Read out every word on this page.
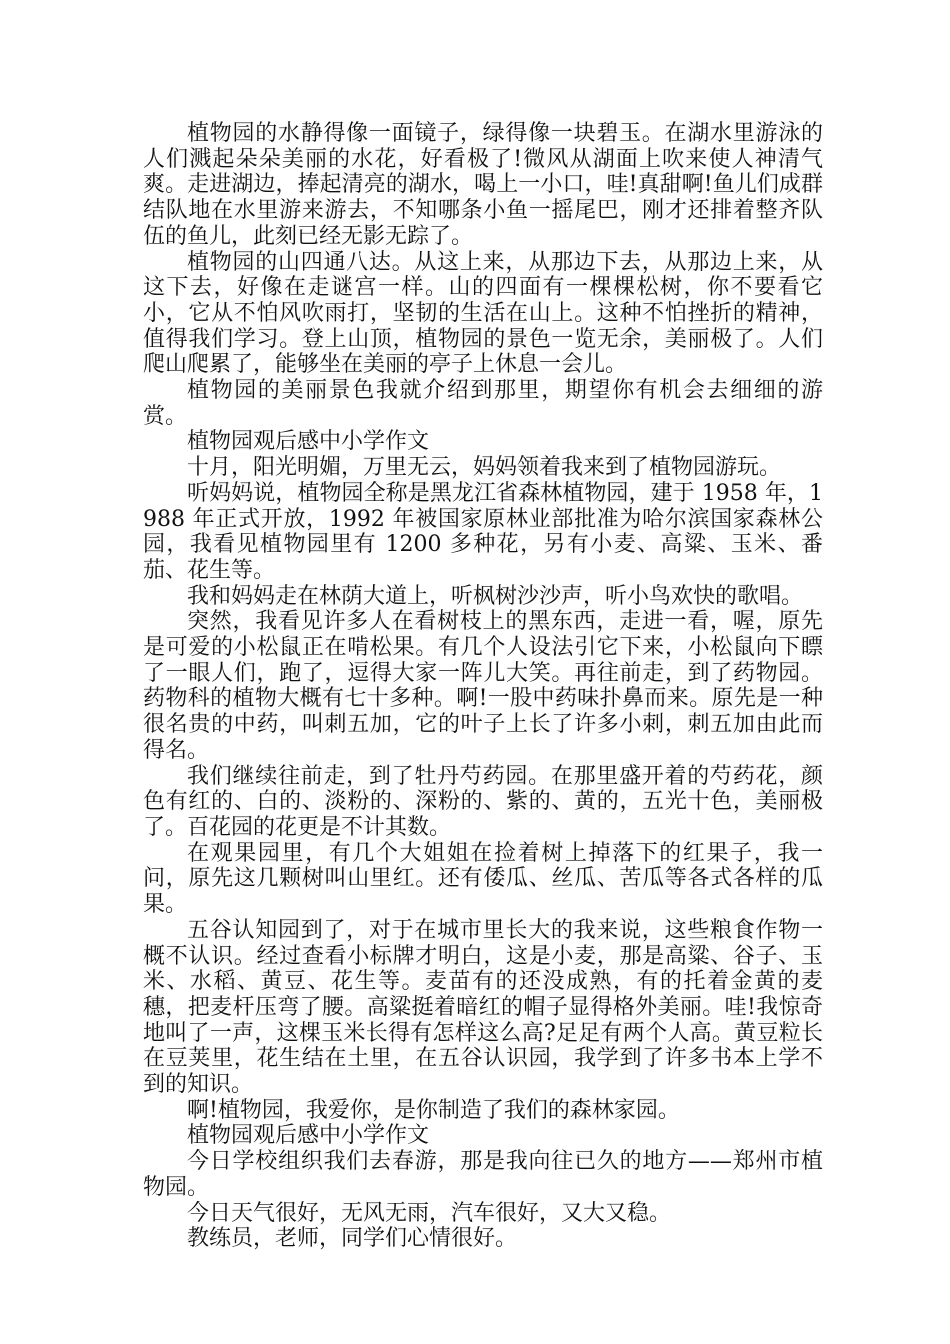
植物园的水静得像一面镜子，绿得像一块碧玉。在湖水里游泳的人们溅起朵朵美丽的水花，好看极了!微风从湖面上吹来使人神清气爽。走进湖边，捧起清亮的湖水，喝上一小口，哇!真甜啊!鱼儿们成群结队地在水里游来游去，不知哪条小鱼一摇尾巴，刚才还排着整齐队伍的鱼儿，此刻已经无影无踪了。

植物园的山四通八达。从这上来，从那边下去，从那边上来，从这下去，好像在走谜宫一样。山的四面有一棵棵松树，你不要看它小，它从不怕风吹雨打，坚韧的生活在山上。这种不怕挫折的精神，值得我们学习。登上山顶，植物园的景色一览无余，美丽极了。人们爬山爬累了，能够坐在美丽的亭子上休息一会儿。

植物园的美丽景色我就介绍到那里，期望你有机会去细细的游赏。

植物园观后感中小学作文

十月，阳光明媚，万里无云，妈妈领着我来到了植物园游玩。

听妈妈说，植物园全称是黑龙江省森林植物园，建于 1958 年，1988 年正式开放，1992 年被国家原林业部批准为哈尔滨国家森林公园，我看见植物园里有 1200 多种花，另有小麦、高粱、玉米、番茄、花生等。

我和妈妈走在林荫大道上，听枫树沙沙声，听小鸟欢快的歌唱。

突然，我看见许多人在看树枝上的黑东西，走进一看，喔，原先是可爱的小松鼠正在啃松果。有几个人设法引它下来，小松鼠向下瞟了一眼人们，跑了，逗得大家一阵儿大笑。再往前走，到了药物园。药物科的植物大概有七十多种。啊!一股中药味扑鼻而来。原先是一种很名贵的中药，叫刺五加，它的叶子上长了许多小刺，刺五加由此而得名。

我们继续往前走，到了牡丹芍药园。在那里盛开着的芍药花，颜色有红的、白的、淡粉的、深粉的、紫的、黄的，五光十色，美丽极了。百花园的花更是不计其数。

在观果园里，有几个大姐姐在捡着树上掉落下的红果子，我一问，原先这几颗树叫山里红。还有倭瓜、丝瓜、苦瓜等各式各样的瓜果。

五谷认知园到了，对于在城市里长大的我来说，这些粮食作物一概不认识。经过查看小标牌才明白，这是小麦，那是高粱、谷子、玉米、水稻、黄豆、花生等。麦苗有的还没成熟，有的托着金黄的麦穗，把麦杆压弯了腰。高粱挺着暗红的帽子显得格外美丽。哇!我惊奇地叫了一声，这棵玉米长得有怎样这么高?足足有两个人高。黄豆粒长在豆荚里，花生结在土里，在五谷认识园，我学到了许多书本上学不到的知识。

啊!植物园，我爱你，是你制造了我们的森林家园。

植物园观后感中小学作文

今日学校组织我们去春游，那是我向往已久的地方——郑州市植物园。

今日天气很好，无风无雨，汽车很好，又大又稳。

教练员，老师，同学们心情很好。
